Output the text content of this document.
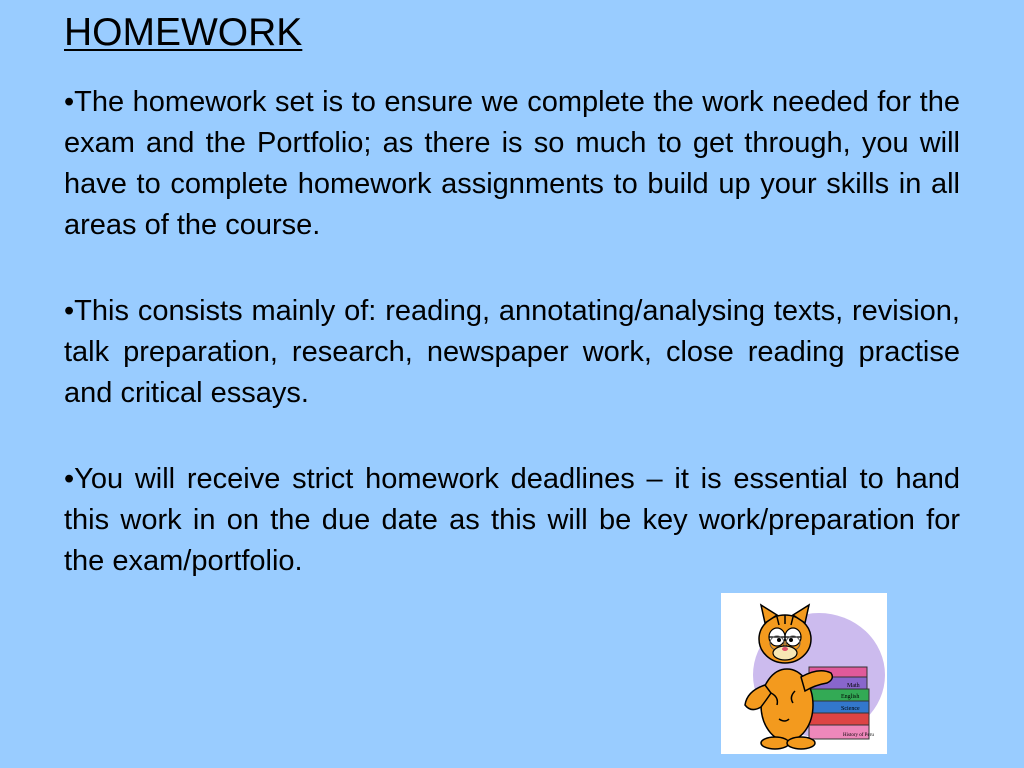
HOMEWORK
•The homework set is to ensure we complete the work needed for the exam and the Portfolio; as there is so much to get through, you will have to complete homework assignments to build up your skills in all areas of the course.
•This consists mainly of: reading, annotating/analysing texts, revision, talk preparation, research, newspaper work, close reading practise and critical essays.
•You will receive strict homework deadlines – it is essential to hand this work in on the due date as this will be key work/preparation for the exam/portfolio.
Math
English
Science
History of Peru
